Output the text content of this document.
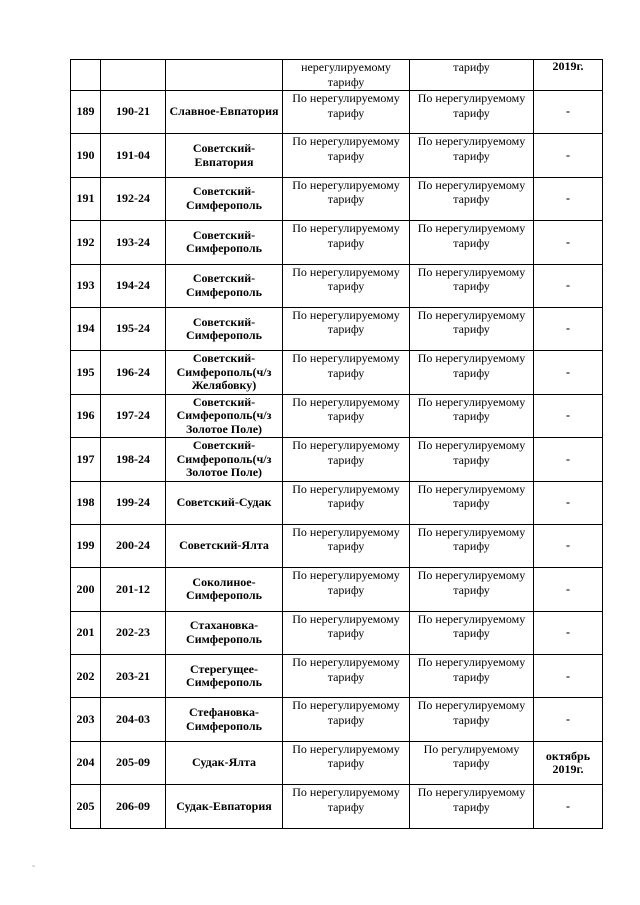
			нерегулируемому тарифу	тарифу	2019г.
189	190-21	Славное-Евпатория	По нерегулируемому тарифу	По нерегулируемому тарифу	-
190	191-04	Советский-Евпатория	По нерегулируемому тарифу	По нерегулируемому тарифу	-
191	192-24	Советский-Симферополь	По нерегулируемому тарифу	По нерегулируемому тарифу	-
192	193-24	Советский-Симферополь	По нерегулируемому тарифу	По нерегулируемому тарифу	-
193	194-24	Советский-Симферополь	По нерегулируемому тарифу	По нерегулируемому тарифу	-
194	195-24	Советский-Симферополь	По нерегулируемому тарифу	По нерегулируемому тарифу	-
195	196-24	Советский-Симферополь(ч/з Желябовку)	По нерегулируемому тарифу	По нерегулируемому тарифу	-
196	197-24	Советский-Симферополь(ч/з Золотое Поле)	По нерегулируемому тарифу	По нерегулируемому тарифу	-
197	198-24	Советский-Симферополь(ч/з Золотое Поле)	По нерегулируемому тарифу	По нерегулируемому тарифу	-
198	199-24	Советский-Судак	По нерегулируемому тарифу	По нерегулируемому тарифу	-
199	200-24	Советский-Ялта	По нерегулируемому тарифу	По нерегулируемому тарифу	-
200	201-12	Соколиное-Симферополь	По нерегулируемому тарифу	По нерегулируемому тарифу	-
201	202-23	Стахановка-Симферополь	По нерегулируемому тарифу	По нерегулируемому тарифу	-
202	203-21	Стерегущее-Симферополь	По нерегулируемому тарифу	По нерегулируемому тарифу	-
203	204-03	Стефановка-Симферополь	По нерегулируемому тарифу	По нерегулируемому тарифу	-
204	205-09	Судак-Ялта	По нерегулируемому тарифу	По регулируемому тарифу	октябрь 2019г.
205	206-09	Судак-Евпатория	По нерегулируемому тарифу	По нерегулируемому тарифу	-
˜
